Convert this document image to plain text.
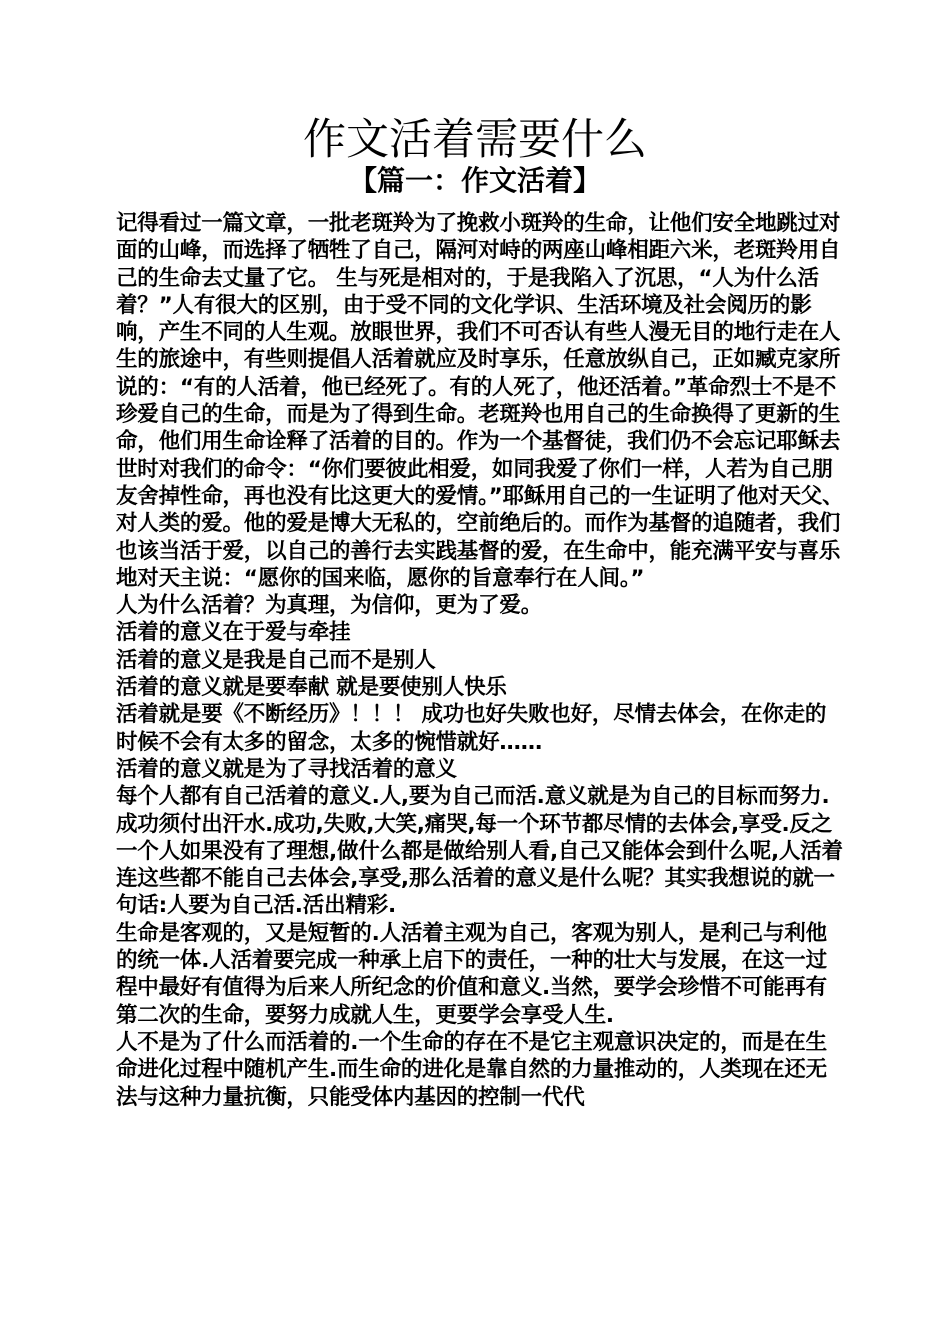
作文活着需要什么
【篇一：作文活着】

记得看过一篇文章，一批老斑羚为了挽救小斑羚的生命，让他们安全地跳过对面的山峰，而选择了牺牲了自己，隔河对峙的两座山峰相距六米，老斑羚用自己的生命去丈量了它。 生与死是相对的，于是我陷入了沉思，“人为什么活着？”人有很大的区别，由于受不同的文化学识、生活环境及社会阅历的影响，产生不同的人生观。放眼世界，我们不可否认有些人漫无目的地行走在人生的旅途中，有些则提倡人活着就应及时享乐，任意放纵自己，正如臧克家所说的：“有的人活着，他已经死了。有的人死了，他还活着。”革命烈士不是不珍爱自己的生命，而是为了得到生命。老斑羚也用自己的生命换得了更新的生命，他们用生命诠释了活着的目的。作为一个基督徒，我们仍不会忘记耶稣去世时对我们的命令：“你们要彼此相爱，如同我爱了你们一样，人若为自己朋友舍掉性命，再也没有比这更大的爱情。”耶稣用自己的一生证明了他对天父、对人类的爱。他的爱是博大无私的，空前绝后的。而作为基督的追随者，我们也该当活于爱，以自己的善行去实践基督的爱，在生命中，能充满平安与喜乐地对天主说：“愿你的国来临，愿你的旨意奉行在人间。”

人为什么活着？为真理，为信仰，更为了爱。

活着的意义在于爱与牵挂

活着的意义是我是自己而不是别人

活着的意义就是要奉献 就是要使别人快乐

活着就是要《不断经历》！！！ 成功也好失败也好，尽情去体会，在你走的时候不会有太多的留念，太多的惋惜就好……

活着的意义就是为了寻找活着的意义

每个人都有自己活着的意义.人,要为自己而活.意义就是为自己的目标而努力.成功须付出汗水.成功,失败,大笑,痛哭,每一个环节都尽情的去体会,享受.反之一个人如果没有了理想,做什么都是做给别人看,自己又能体会到什么呢,人活着连这些都不能自己去体会,享受,那么活着的意义是什么呢？其实我想说的就一句话:人要为自己活.活出精彩.

生命是客观的，又是短暂的.人活着主观为自己，客观为别人，是利己与利他的统一体.人活着要完成一种承上启下的责任，一种的壮大与发展，在这一过程中最好有值得为后来人所纪念的价值和意义.当然，要学会珍惜不可能再有第二次的生命，要努力成就人生，更要学会享受人生.

人不是为了什么而活着的.一个生命的存在不是它主观意识决定的，而是在生命进化过程中随机产生.而生命的进化是靠自然的力量推动的，人类现在还无法与这种力量抗衡，只能受体内基因的控制一代代
